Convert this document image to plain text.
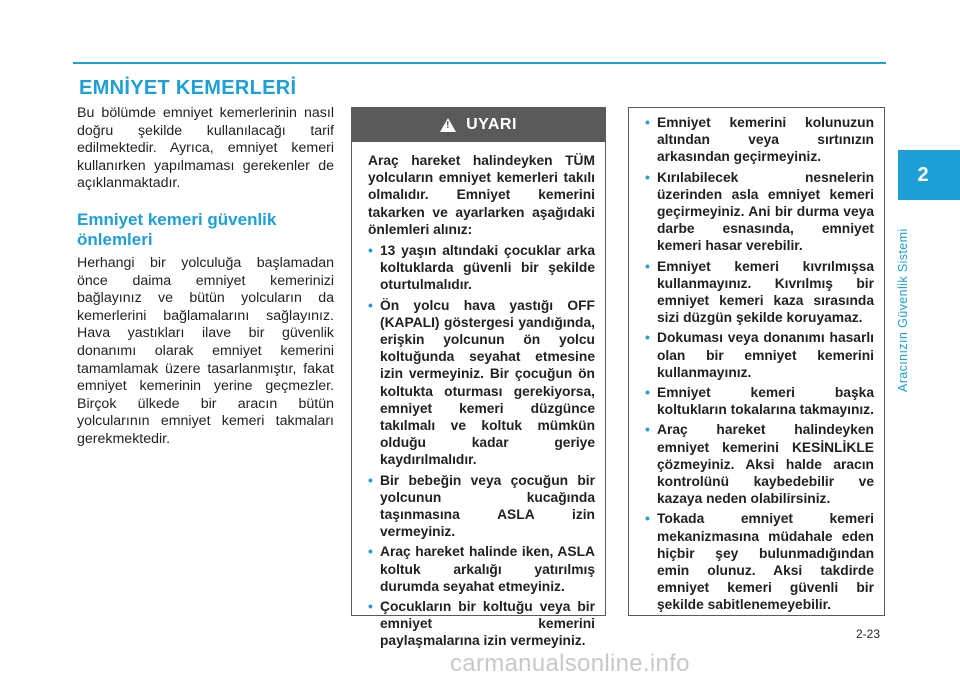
EMNİYET KEMERLERİ
Bu bölümde emniyet kemerlerinin nasıl doğru şekilde kullanılacağı tarif edilmektedir. Ayrıca, emniyet kemeri kullanırken yapılmaması gerekenler de açıklanmaktadır.
Emniyet kemeri güvenlik önlemleri
Herhangi bir yolculuğa başlamadan önce daima emniyet kemerinizi bağlayınız ve bütün yolcuların da kemerlerini bağlamalarını sağlayınız. Hava yastıkları ilave bir güvenlik donanımı olarak emniyet kemerini tamamlamak üzere tasarlanmıştır, fakat emniyet kemerinin yerine geçmezler. Birçok ülkede bir aracın bütün yolcularının emniyet kemeri takmaları gerekmektedir.
!
UYARI

Araç hareket halindeyken TÜM yolcuların emniyet kemerleri takılı olmalıdır. Emniyet kemerini takarken ve ayarlarken aşağıdaki önlemleri alınız:

• 13 yaşın altındaki çocuklar arka koltuklarda güvenli bir şekilde oturtulmalıdır.
• Ön yolcu hava yastığı OFF (KAPALI) göstergesi yandığında, erişkin yolcunun ön yolcu koltuğunda seyahat etmesine izin vermeyiniz. Bir çocuğun ön koltukta oturması gerekiyorsa, emniyet kemeri düzgünce takılmalı ve koltuk mümkün olduğu kadar geriye kaydırılmalıdır.
• Bir bebeğin veya çocuğun bir yolcunun kucağında taşınmasına ASLA izin vermeyiniz.
• Araç hareket halinde iken, ASLA koltuk arkalığı yatırılmış durumda seyahat etmeyiniz.
• Çocukların bir koltuğu veya bir emniyet kemerini paylaşmalarına izin vermeyiniz.
• Emniyet kemerini kolunuzun altından veya sırtınızın arkasından geçirmeyiniz.
• Kırılabilecek nesnelerin üzerinden asla emniyet kemeri geçirmeyiniz. Ani bir durma veya darbe esnasında, emniyet kemeri hasar verebilir.
• Emniyet kemeri kıvrılmışsa kullanmayınız. Kıvrılmış bir emniyet kemeri kaza sırasında sizi düzgün şekilde koruyamaz.
• Dokuması veya donanımı hasarlı olan bir emniyet kemerini kullanmayınız.
• Emniyet kemeri başka koltukların tokalarına takmayınız.
• Araç hareket halindeyken emniyet kemerini KESİNLİKLE çözmeyiniz. Aksi halde aracın kontrolünü kaybedebilir ve kazaya neden olabilirsiniz.
• Tokada emniyet kemeri mekanizmasına müdahale eden hiçbir şey bulunmadığından emin olunuz. Aksi takdirde emniyet kemeri güvenli bir şekilde sabitlenemeyebilir.
2
Aracınızın Güvenlik Sistemi
2-23
carmanualsonline.info
